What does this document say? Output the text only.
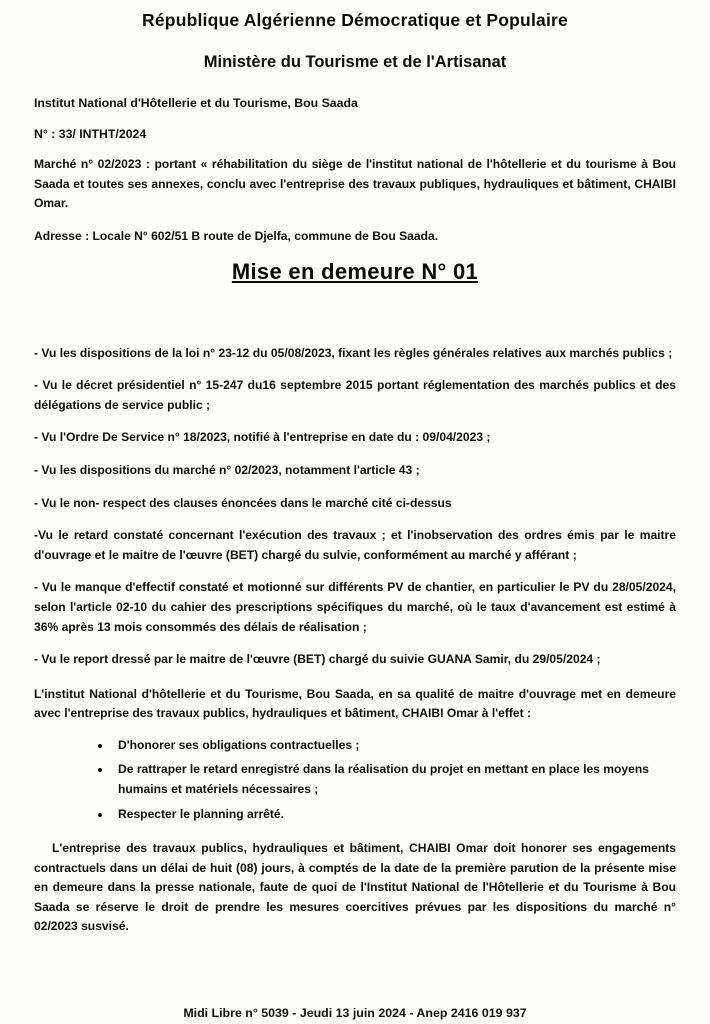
République Algérienne Démocratique et Populaire
Ministère du Tourisme et de l'Artisanat
Institut National d'Hôtellerie et du Tourisme, Bou Saada
N° : 33/ INTHT/2024
Marché n° 02/2023 : portant « réhabilitation du siège de l'institut national de l'hôtellerie et du tourisme à Bou Saada et toutes ses annexes, conclu avec l'entreprise des travaux publiques, hydrauliques et bâtiment, CHAIBI Omar.
Adresse : Locale N° 602/51 B route de Djelfa, commune de Bou Saada.
Mise en demeure N° 01
- Vu les dispositions de la loi n° 23-12 du 05/08/2023, fixant les règles générales relatives aux marchés publics ;
- Vu le décret présidentiel n° 15-247 du16 septembre 2015 portant réglementation des marchés publics et des délégations de service public ;
- Vu l'Ordre De Service n° 18/2023, notifié à l'entreprise en date du : 09/04/2023 ;
- Vu les dispositions du marché n° 02/2023, notamment l'article 43 ;
- Vu le non- respect des clauses énoncées dans le marché cité ci-dessus
-Vu le retard constaté concernant l'exécution des travaux ; et l'inobservation des ordres émis par le maitre d'ouvrage et le maitre de l'œuvre (BET) chargé du sulvie, conformément au marché y afférant ;
- Vu le manque d'effectif constaté et motionné sur différents PV de chantier, en particulier le PV du 28/05/2024, selon l'article 02-10 du cahier des prescriptions spécifiques du marché, où le taux d'avancement est estimé à 36% après 13 mois consommés des délais de réalisation ;
- Vu le report dressé par le maitre de l'œuvre (BET) chargé du suivie GUANA Samir, du 29/05/2024 ;
L'institut National d'hôtellerie et du Tourisme, Bou Saada, en sa qualité de maitre d'ouvrage met en demeure avec l'entreprise des travaux publics, hydrauliques et bâtiment, CHAIBI Omar à l'effet :
• D'honorer ses obligations contractuelles ;
• De rattraper le retard enregistré dans la réalisation du projet en mettant en place les moyens humains et matériels nécessaires ;
• Respecter le planning arrêté.
L'entreprise des travaux publics, hydrauliques et bâtiment, CHAIBI Omar doit honorer ses engagements contractuels dans un délai de huit (08) jours, à comptés de la date de la première parution de la présente mise en demeure dans la presse nationale, faute de quoi de l'Institut National de l'Hôtellerie et du Tourisme à Bou Saada se réserve le droit de prendre les mesures coercitives prévues par les dispositions du marché n° 02/2023 susvisé.
Midi Libre n° 5039 - Jeudi 13 juin 2024 - Anep 2416 019 937
